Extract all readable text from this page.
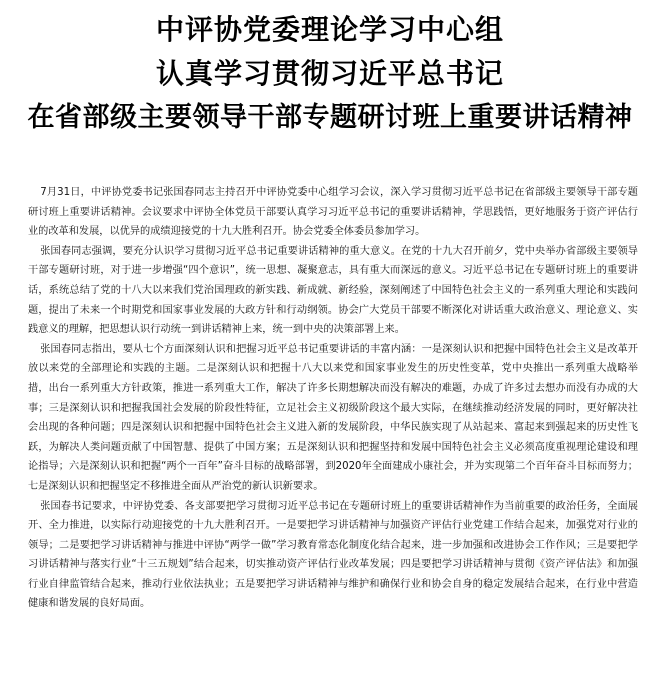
中评协党委理论学习中心组
认真学习贯彻习近平总书记
在省部级主要领导干部专题研讨班上重要讲话精神

7月31日，中评协党委书记张国春同志主持召开中评协党委中心组学习会议，深入学习贯彻习近平总书记在省部级主要领导干部专题研讨班上重要讲话精神。会议要求中评协全体党员干部要认真学习习近平总书记的重要讲话精神，学思践悟，更好地服务于资产评估行业的改革和发展，以优异的成绩迎接党的十九大胜利召开。协会党委全体委员参加学习。

张国春同志强调，要充分认识学习贯彻习近平总书记重要讲话精神的重大意义。在党的十九大召开前夕，党中央举办省部级主要领导干部专题研讨班，对于进一步增强“四个意识”，统一思想、凝聚意志，具有重大而深远的意义。习近平总书记在专题研讨班上的重要讲话，系统总结了党的十八大以来我们党治国理政的新实践、新成就、新经验，深刻阐述了中国特色社会主义的一系列重大理论和实践问题，提出了未来一个时期党和国家事业发展的大政方针和行动纲领。协会广大党员干部要不断深化对讲话重大政治意义、理论意义、实践意义的理解，把思想认识行动统一到讲话精神上来，统一到中央的决策部署上来。

张国春同志指出，要从七个方面深刻认识和把握习近平总书记重要讲话的丰富内涵：一是深刻认识和把握中国特色社会主义是改革开放以来党的全部理论和实践的主题。二是深刻认识和把握十八大以来党和国家事业发生的历史性变革，党中央推出一系列重大战略举措，出台一系列重大方针政策，推进一系列重大工作，解决了许多长期想解决而没有解决的难题，办成了许多过去想办而没有办成的大事；三是深刻认识和把握我国社会发展的阶段性特征，立足社会主义初级阶段这个最大实际，在继续推动经济发展的同时，更好解决社会出现的各种问题；四是深刻认识和把握中国特色社会主义进入新的发展阶段，中华民族实现了从站起来、富起来到强起来的历史性飞跃，为解决人类问题贡献了中国智慧、提供了中国方案；五是深刻认识和把握坚持和发展中国特色社会主义必须高度重视理论建设和理论指导；六是深刻认识和把握“两个一百年”奋斗目标的战略部署，到2020年全面建成小康社会，并为实现第二个百年奋斗目标而努力；七是深刻认识和把握坚定不移推进全面从严治党的新认识新要求。

张国春书记要求，中评协党委、各支部要把学习贯彻习近平总书记在专题研讨班上的重要讲话精神作为当前重要的政治任务，全面展开、全力推进，以实际行动迎接党的十九大胜利召开。一是要把学习讲话精神与加强资产评估行业党建工作结合起来，加强党对行业的领导；二是要把学习讲话精神与推进中评协“两学一做”学习教育常态化制度化结合起来，进一步加强和改进协会工作作风；三是要把学习讲话精神与落实行业“十三五规划”结合起来，切实推动资产评估行业改革发展；四是要把学习讲话精神与贯彻《资产评估法》和加强行业自律监管结合起来，推动行业依法执业；五是要把学习讲话精神与维护和确保行业和协会自身的稳定发展结合起来，在行业中营造健康和谐发展的良好局面。
